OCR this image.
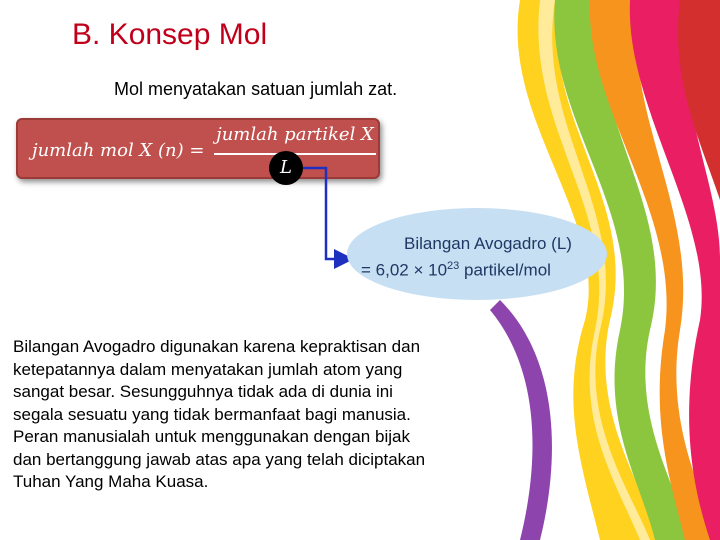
B. Konsep Mol
Mol menyatakan satuan jumlah zat.
jumlah mol X (n) =
jumlah partikel X
L
Bilangan Avogadro (L)
= $6,02 \times 10^{23}$ partikel/mol
Bilangan Avogadro digunakan karena kepraktisan dan
ketepatannya dalam menyatakan jumlah atom yang
sangat besar. Sesungguhnya tidak ada di dunia ini
segala sesuatu yang tidak bermanfaat bagi manusia.
Peran manusialah untuk menggunakan dengan bijak
dan bertanggung jawab atas apa yang telah diciptakan
Tuhan Yang Maha Kuasa.
